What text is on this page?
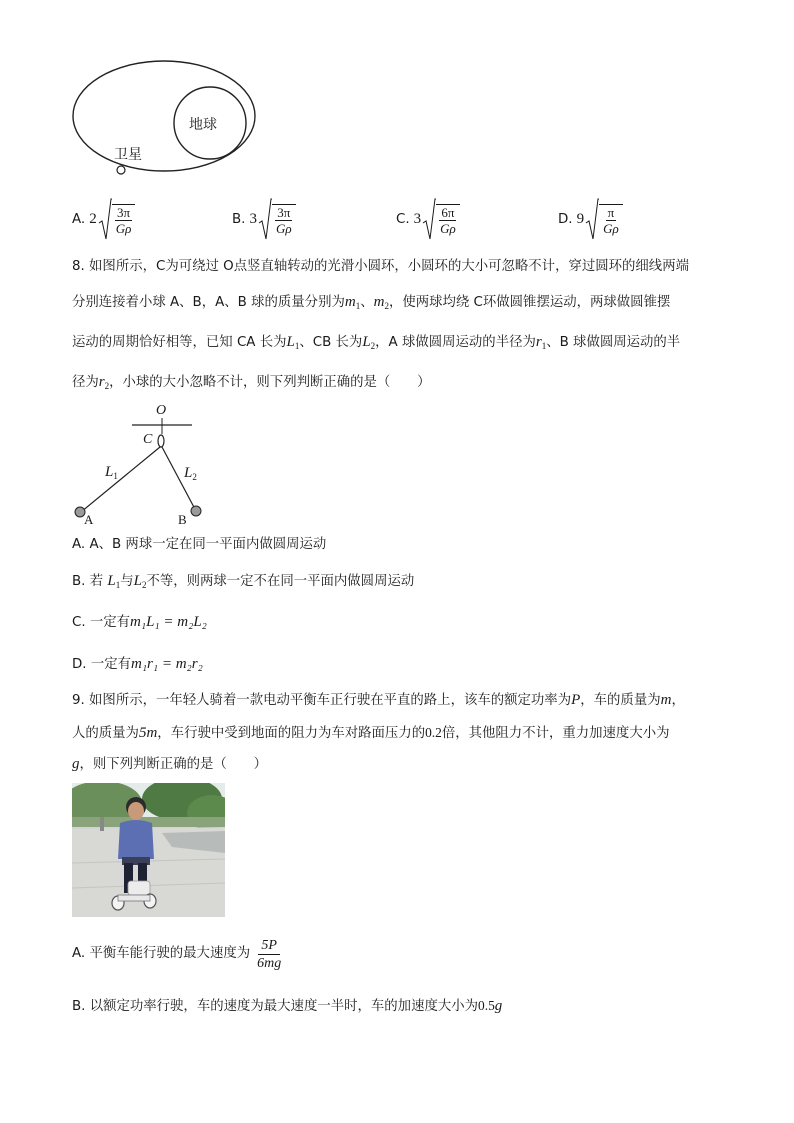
地球
卫星
A. $2 \frac{3\pi}{G\rho}$	B. $3 \frac{3\pi}{G\rho}$	C. $3 \frac{6\pi}{G\rho}$	D. $9 \frac{\pi}{G\rho}$
8. 如图所示，C为可绕过 O点竖直轴转动的光滑小圆环，小圆环的大小可忽略不计，穿过圆环的细线两端
分别连接着小球 A、B，A、B 球的质量分别为$m_1$、$m_2$，使两球均绕 C环做圆锥摆运动，两球做圆锥摆
运动的周期恰好相等，已知 CA 长为$L_1$、CB 长为$L_2$，A 球做圆周运动的半径为$r_1$、B 球做圆周运动的半
径为$r_2$，小球的大小忽略不计，则下列判断正确的是（　　）
O
C
$L_1$	$L_2$
A	B
A. A、B 两球一定在同一平面内做圆周运动
B. 若 $L_1$与$L_2$不等，则两球一定不在同一平面内做圆周运动
C. 一定有m₁L₁ = m₂L₂
D. 一定有m₁r₁ = m₂r₂
9. 如图所示，一年轻人骑着一款电动平衡车正行驶在平直的路上，该车的额定功率为P，车的质量为m，
人的质量为5m，车行驶中受到地面的阻力为车对路面压力的0.2倍，其他阻力不计，重力加速度大小为
g，则下列判断正确的是（　　）
A. 平衡车能行驶的最大速度为 $\frac{5P}{6mg}$
B. 以额定功率行驶，车的速度为最大速度一半时，车的加速度大小为0.5g
